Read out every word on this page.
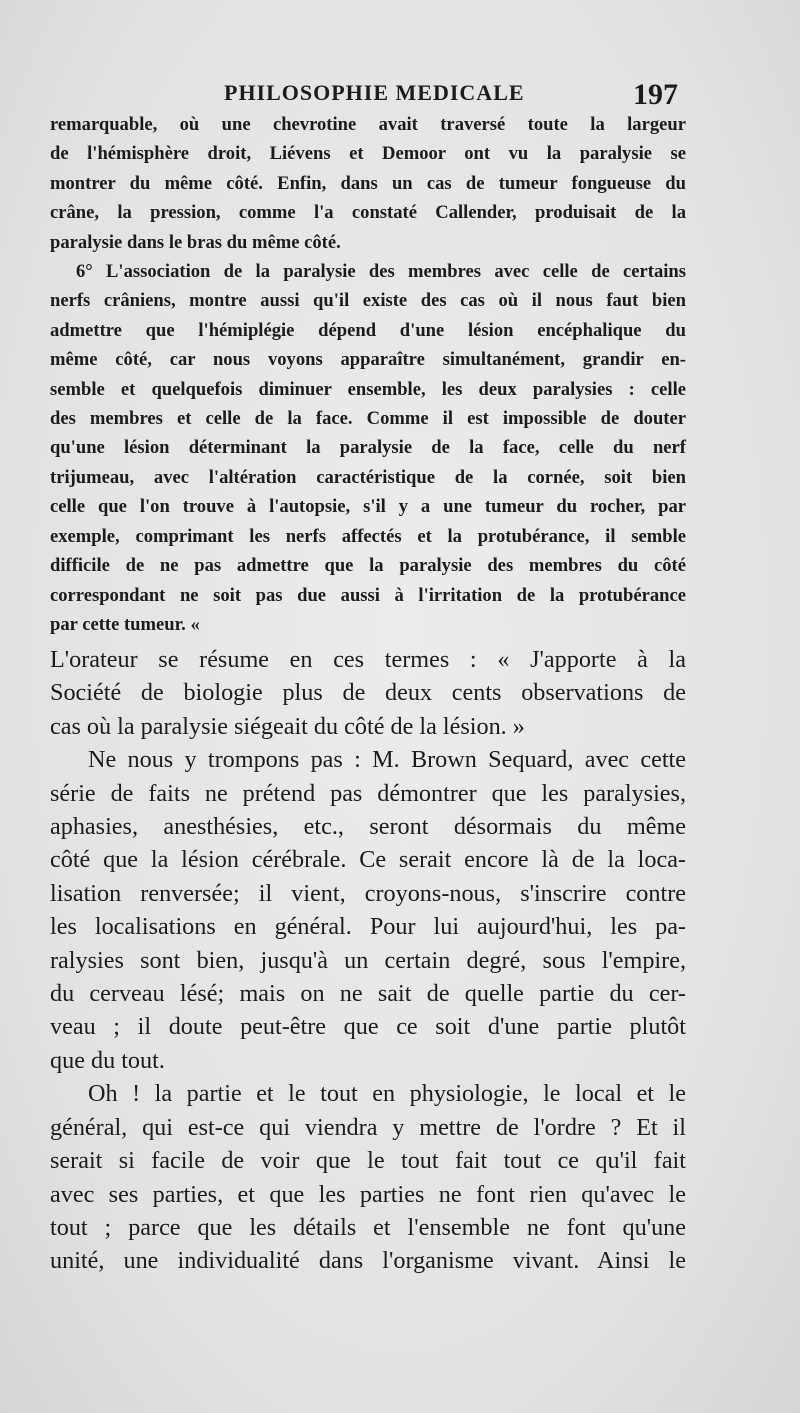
PHILOSOPHIE MEDICALE	197
remarquable, où une chevrotine avait traversé toute la largeur
de l'hémisphère droit, Liévens et Demoor ont vu la paralysie se
montrer du même côté. Enfin, dans un cas de tumeur fongueuse du
crâne, la pression, comme l'a constaté Callender, produisait de la
paralysie dans le bras du même côté.
6° L'association de la paralysie des membres avec celle de certains
nerfs crâniens, montre aussi qu'il existe des cas où il nous faut bien
admettre que l'hémiplégie dépend d'une lésion encéphalique du
même côté, car nous voyons apparaître simultanément, grandir en-
semble et quelquefois diminuer ensemble, les deux paralysies : celle
des membres et celle de la face. Comme il est impossible de douter
qu'une lésion déterminant la paralysie de la face, celle du nerf
trijumeau, avec l'altération caractéristique de la cornée, soit bien
celle que l'on trouve à l'autopsie, s'il y a une tumeur du rocher, par
exemple, comprimant les nerfs affectés et la protubérance, il semble
difficile de ne pas admettre que la paralysie des membres du côté
correspondant ne soit pas due aussi à l'irritation de la protubérance
par cette tumeur. «
L'orateur se résume en ces termes : « J'apporte à la
Société de biologie plus de deux cents observations de
cas où la paralysie siégeait du côté de la lésion. »
Ne nous y trompons pas : M. Brown Sequard, avec cette
série de faits ne prétend pas démontrer que les paralysies,
aphasies, anesthésies, etc., seront désormais du même
côté que la lésion cérébrale. Ce serait encore là de la loca-
lisation renversée; il vient, croyons-nous, s'inscrire contre
les localisations en général. Pour lui aujourd'hui, les pa-
ralysies sont bien, jusqu'à un certain degré, sous l'empire,
du cerveau lésé; mais on ne sait de quelle partie du cer-
veau ; il doute peut-être que ce soit d'une partie plutôt
que du tout.
Oh ! la partie et le tout en physiologie, le local et le
général, qui est-ce qui viendra y mettre de l'ordre ? Et il
serait si facile de voir que le tout fait tout ce qu'il fait
avec ses parties, et que les parties ne font rien qu'avec le
tout ; parce que les détails et l'ensemble ne font qu'une
unité, une individualité dans l'organisme vivant. Ainsi le
